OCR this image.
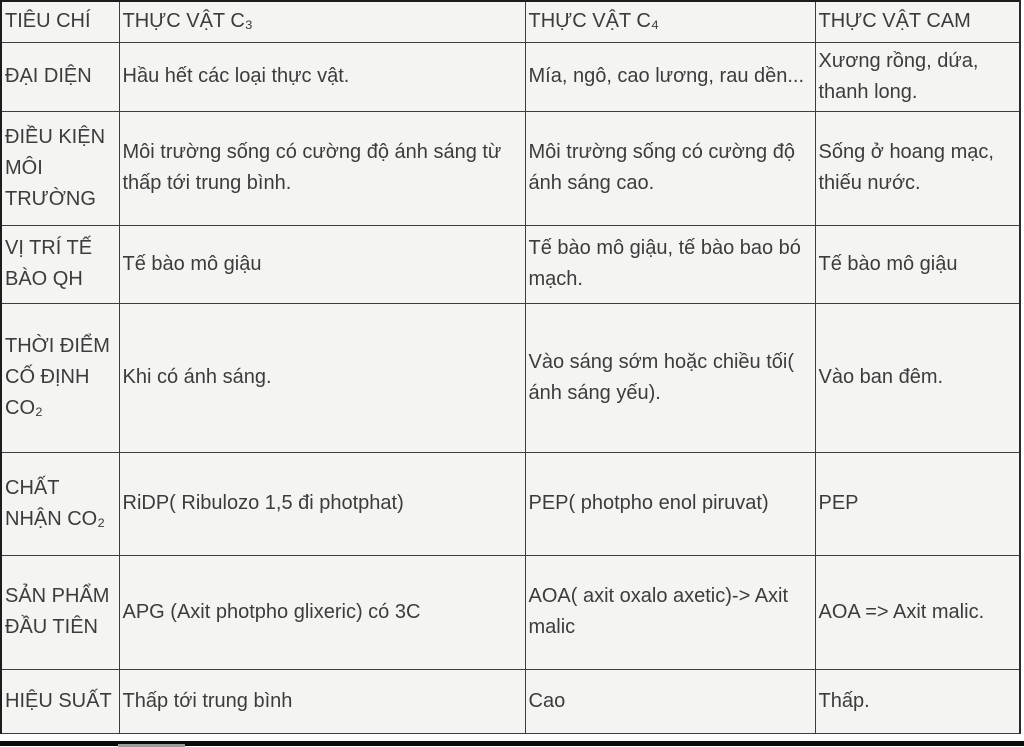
TIÊU CHÍ	THỰC VẬT C₃	THỰC VẬT C₄	THỰC VẬT CAM
ĐẠI DIỆN	Hầu hết các loại thực vật.	Mía, ngô, cao lương, rau dền...	Xương rồng, dứa, thanh long.
ĐIỀU KIỆN MÔI TRƯỜNG	Môi trường sống có cường độ ánh sáng từ thấp tới trung bình.	Môi trường sống có cường độ ánh sáng cao.	Sống ở hoang mạc, thiếu nước.
VỊ TRÍ TẾ BÀO QH	Tế bào mô giậu	Tế bào mô giậu, tế bào bao bó mạch.	Tế bào mô giậu
THỜI ĐIỂM CỐ ĐỊNH CO₂	Khi có ánh sáng.	Vào sáng sớm hoặc chiều tối( ánh sáng yếu).	Vào ban đêm.
CHẤT NHẬN CO₂	RiDP( Ribulozo 1,5 đi photphat)	PEP( photpho enol piruvat)	PEP
SẢN PHẨM ĐẦU TIÊN	APG (Axit photpho glixeric) có 3C	AOA( axit oxalo axetic)-> Axit malic	AOA => Axit malic.
HIỆU SUẤT	Thấp tới trung bình	Cao	Thấp.
